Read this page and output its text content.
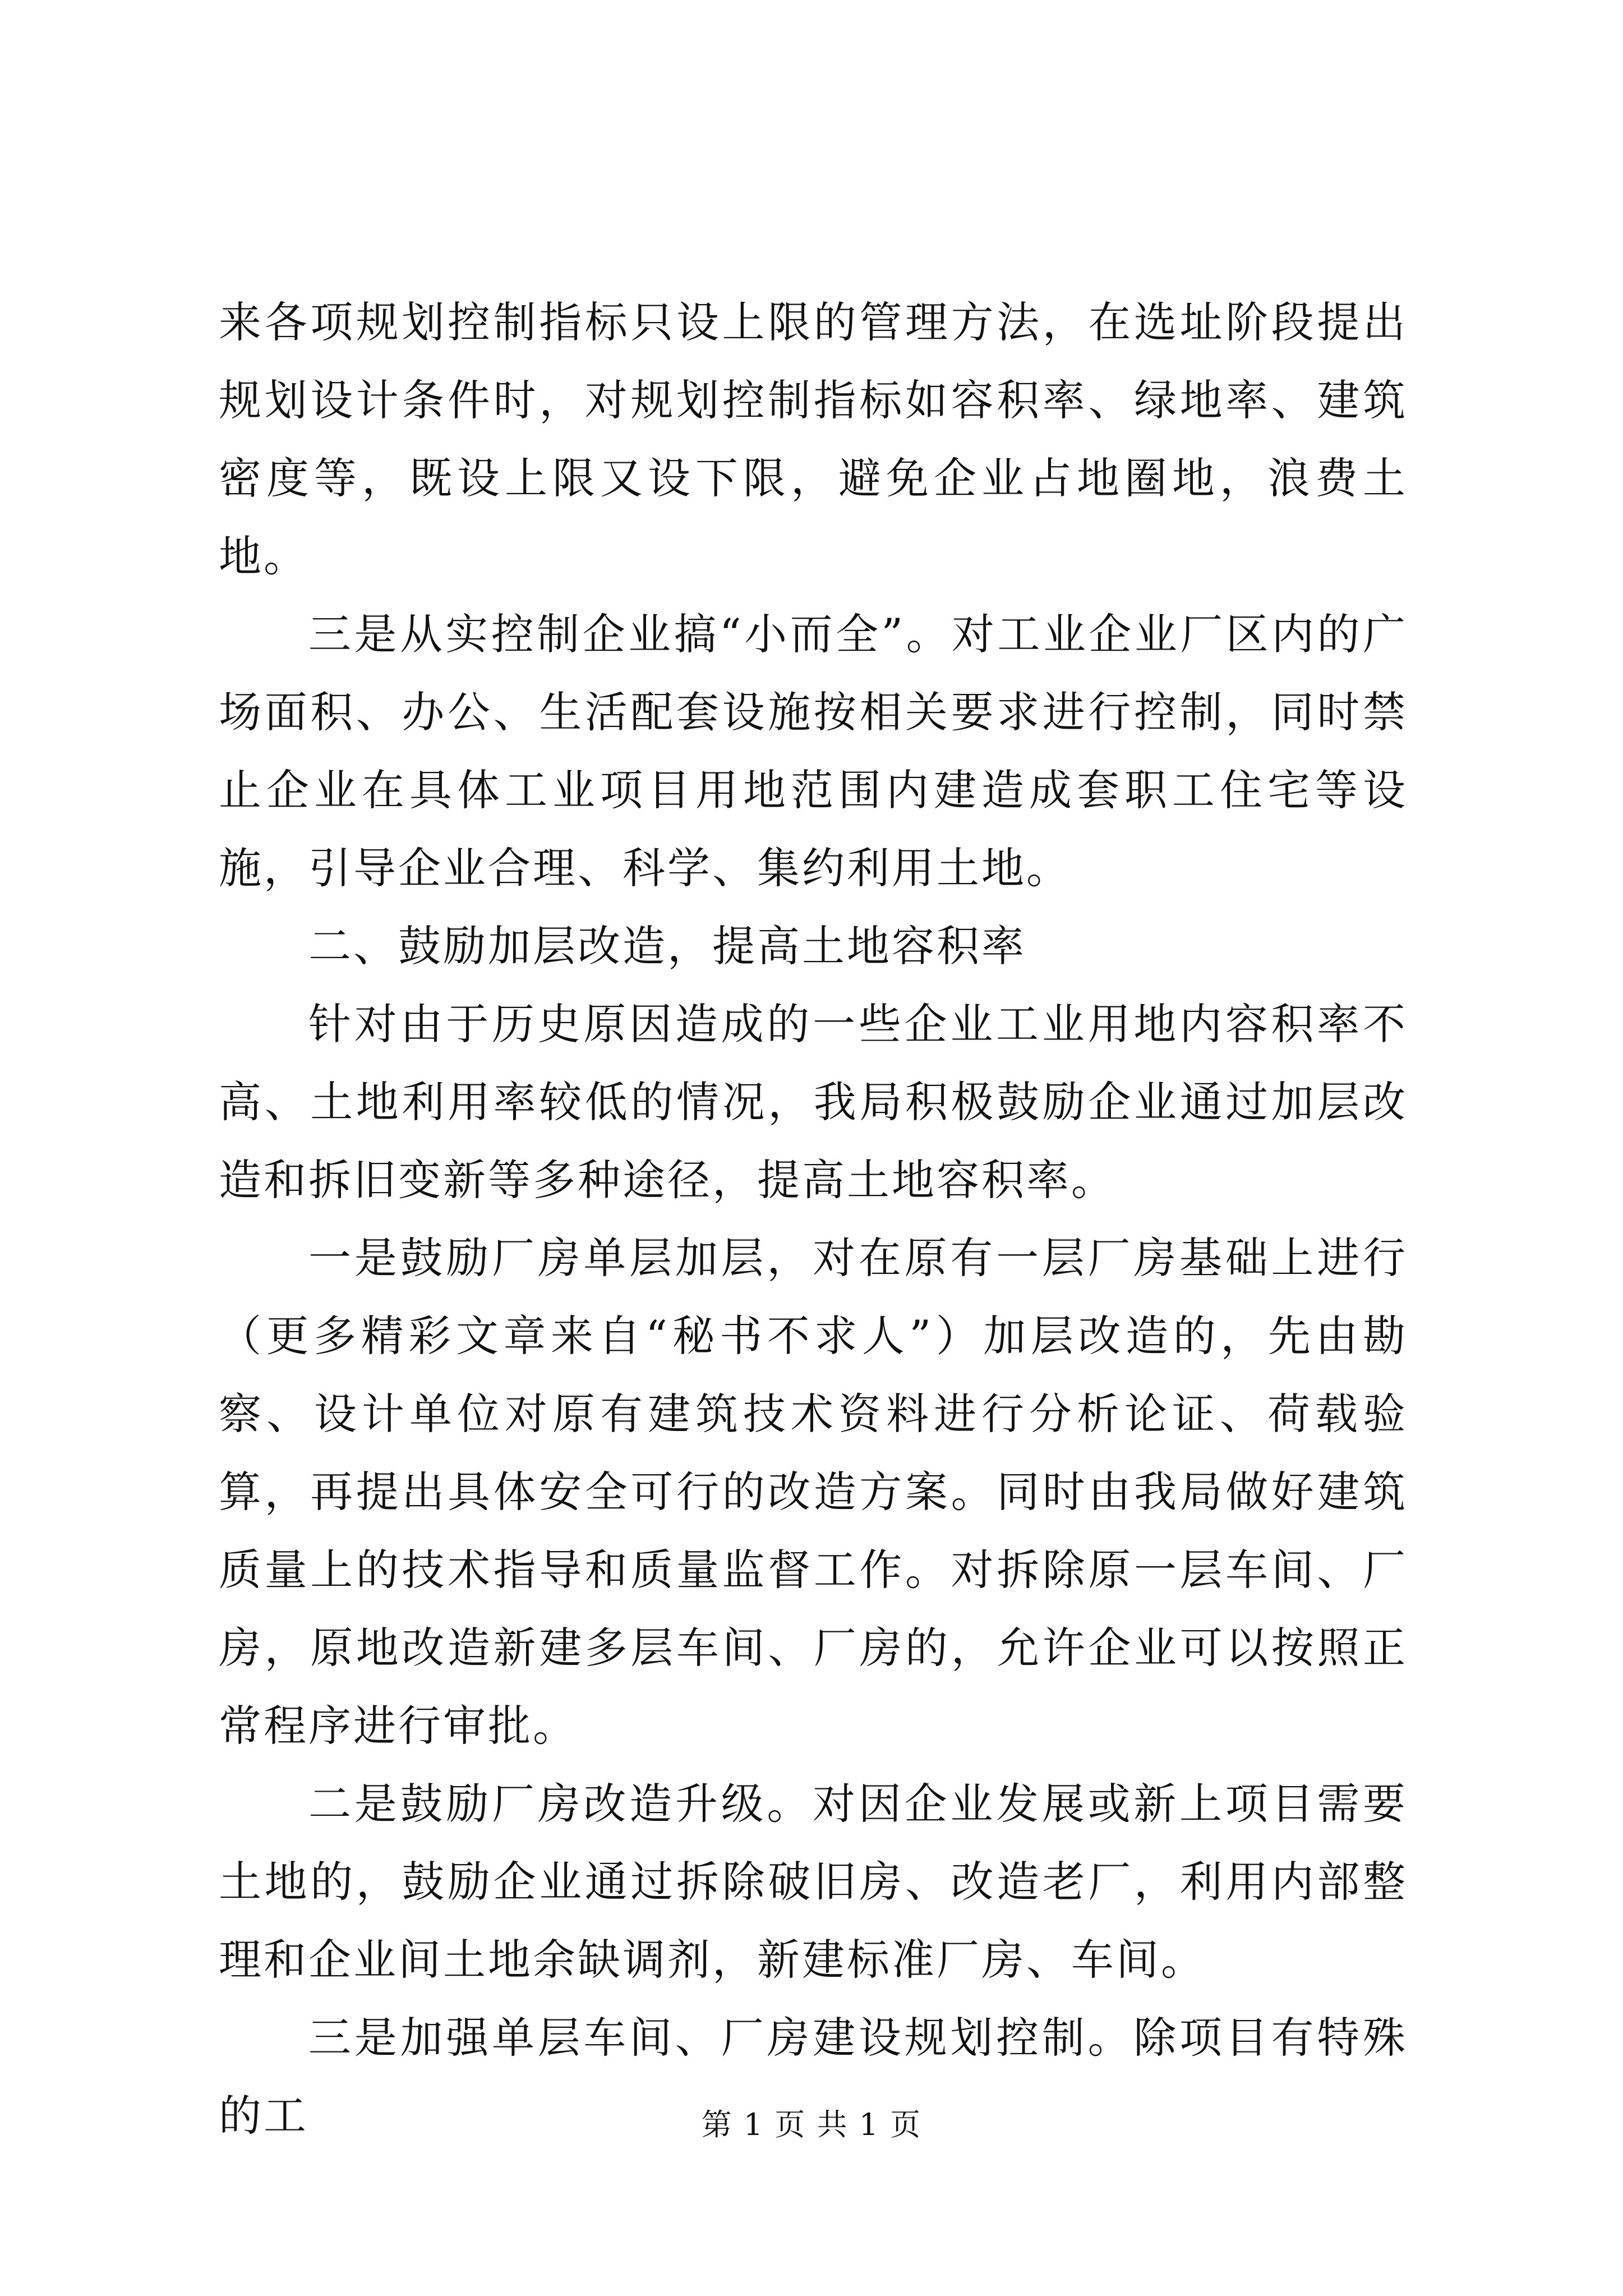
来各项规划控制指标只设上限的管理方法，在选址阶段提出规划设计条件时，对规划控制指标如容积率、绿地率、建筑密度等，既设上限又设下限，避免企业占地圈地，浪费土地。

三是从实控制企业搞“小而全”。对工业企业厂区内的广场面积、办公、生活配套设施按相关要求进行控制，同时禁止企业在具体工业项目用地范围内建造成套职工住宅等设施，引导企业合理、科学、集约利用土地。

二、鼓励加层改造，提高土地容积率

针对由于历史原因造成的一些企业工业用地内容积率不高、土地利用率较低的情况，我局积极鼓励企业通过加层改造和拆旧变新等多种途径，提高土地容积率。

一是鼓励厂房单层加层，对在原有一层厂房基础上进行（更多精彩文章来自“秘书不求人”）加层改造的，先由勘察、设计单位对原有建筑技术资料进行分析论证、荷载验算，再提出具体安全可行的改造方案。同时由我局做好建筑质量上的技术指导和质量监督工作。对拆除原一层车间、厂房，原地改造新建多层车间、厂房的，允许企业可以按照正常程序进行审批。

二是鼓励厂房改造升级。对因企业发展或新上项目需要土地的，鼓励企业通过拆除破旧房、改造老厂，利用内部整理和企业间土地余缺调剂，新建标准厂房、车间。

三是加强单层车间、厂房建设规划控制。除项目有特殊的工	第 1 页 共 1 页
